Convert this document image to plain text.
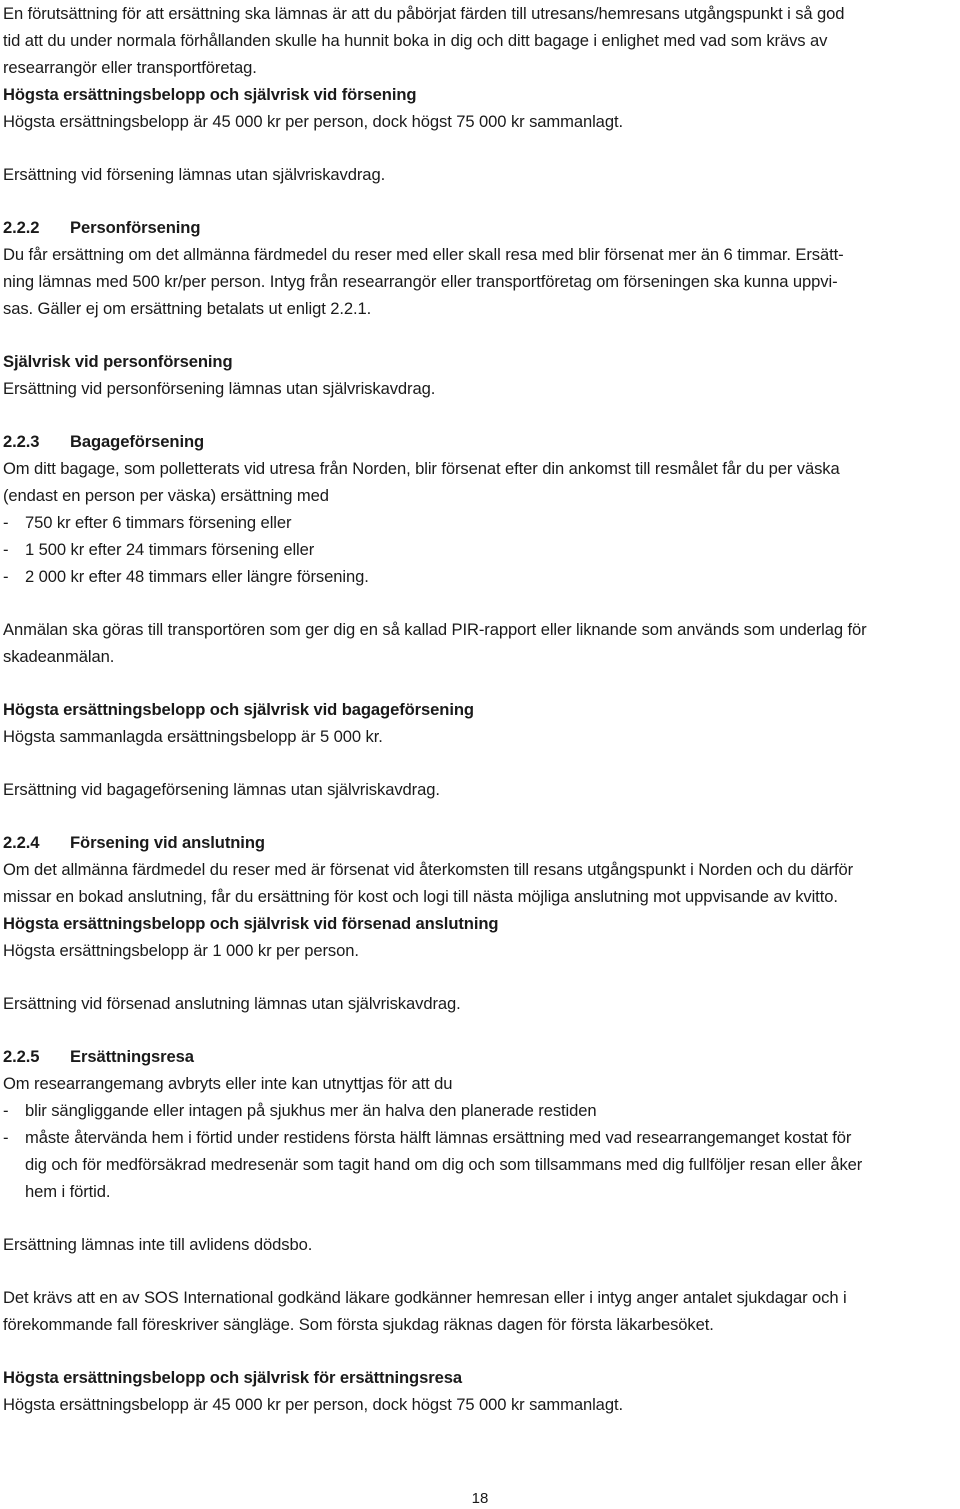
En förutsättning för att ersättning ska lämnas är att du påbörjat färden till utresans/hemresans utgångspunkt i så god
tid att du under normala förhållanden skulle ha hunnit boka in dig och ditt bagage i enlighet med vad som krävs av
researrangör eller transportföretag.
Högsta ersättningsbelopp och självrisk vid försening
Högsta ersättningsbelopp är 45 000 kr per person, dock högst 75 000 kr sammanlagt.
Ersättning vid försening lämnas utan självriskavdrag.
2.2.2 Personförsening
Du får ersättning om det allmänna färdmedel du reser med eller skall resa med blir försenat mer än 6 timmar. Ersätt-
ning lämnas med 500 kr/per person. Intyg från researrangör eller transportföretag om förseningen ska kunna uppvi-
sas. Gäller ej om ersättning betalats ut enligt 2.2.1.
Självrisk vid personförsening
Ersättning vid personförsening lämnas utan självriskavdrag.
2.2.3 Bagageförsening
Om ditt bagage, som polletterats vid utresa från Norden, blir försenat efter din ankomst till resmålet får du per väska
(endast en person per väska) ersättning med
- 750 kr efter 6 timmars försening eller
- 1 500 kr efter 24 timmars försening eller
- 2 000 kr efter 48 timmars eller längre försening.
Anmälan ska göras till transportören som ger dig en så kallad PIR-rapport eller liknande som används som underlag för
skadeanmälan.
Högsta ersättningsbelopp och självrisk vid bagageförsening
Högsta sammanlagda ersättningsbelopp är 5 000 kr.
Ersättning vid bagageförsening lämnas utan självriskavdrag.
2.2.4 Försening vid anslutning
Om det allmänna färdmedel du reser med är försenat vid återkomsten till resans utgångspunkt i Norden och du därför
missar en bokad anslutning, får du ersättning för kost och logi till nästa möjliga anslutning mot uppvisande av kvitto.
Högsta ersättningsbelopp och självrisk vid försenad anslutning
Högsta ersättningsbelopp är 1 000 kr per person.
Ersättning vid försenad anslutning lämnas utan självriskavdrag.
2.2.5 Ersättningsresa
Om researrangemang avbryts eller inte kan utnyttjas för att du
- blir sängliggande eller intagen på sjukhus mer än halva den planerade restiden
- måste återvända hem i förtid under restidens första hälft lämnas ersättning med vad researrangemanget kostat för
dig och för medförsäkrad medresenär som tagit hand om dig och som tillsammans med dig fullföljer resan eller åker
hem i förtid.
Ersättning lämnas inte till avlidens dödsbo.
Det krävs att en av SOS International godkänd läkare godkänner hemresan eller i intyg anger antalet sjukdagar och i
förekommande fall föreskriver sängläge. Som första sjukdag räknas dagen för första läkarbesöket.
Högsta ersättningsbelopp och självrisk för ersättningsresa
Högsta ersättningsbelopp är 45 000 kr per person, dock högst 75 000 kr sammanlagt.
18
